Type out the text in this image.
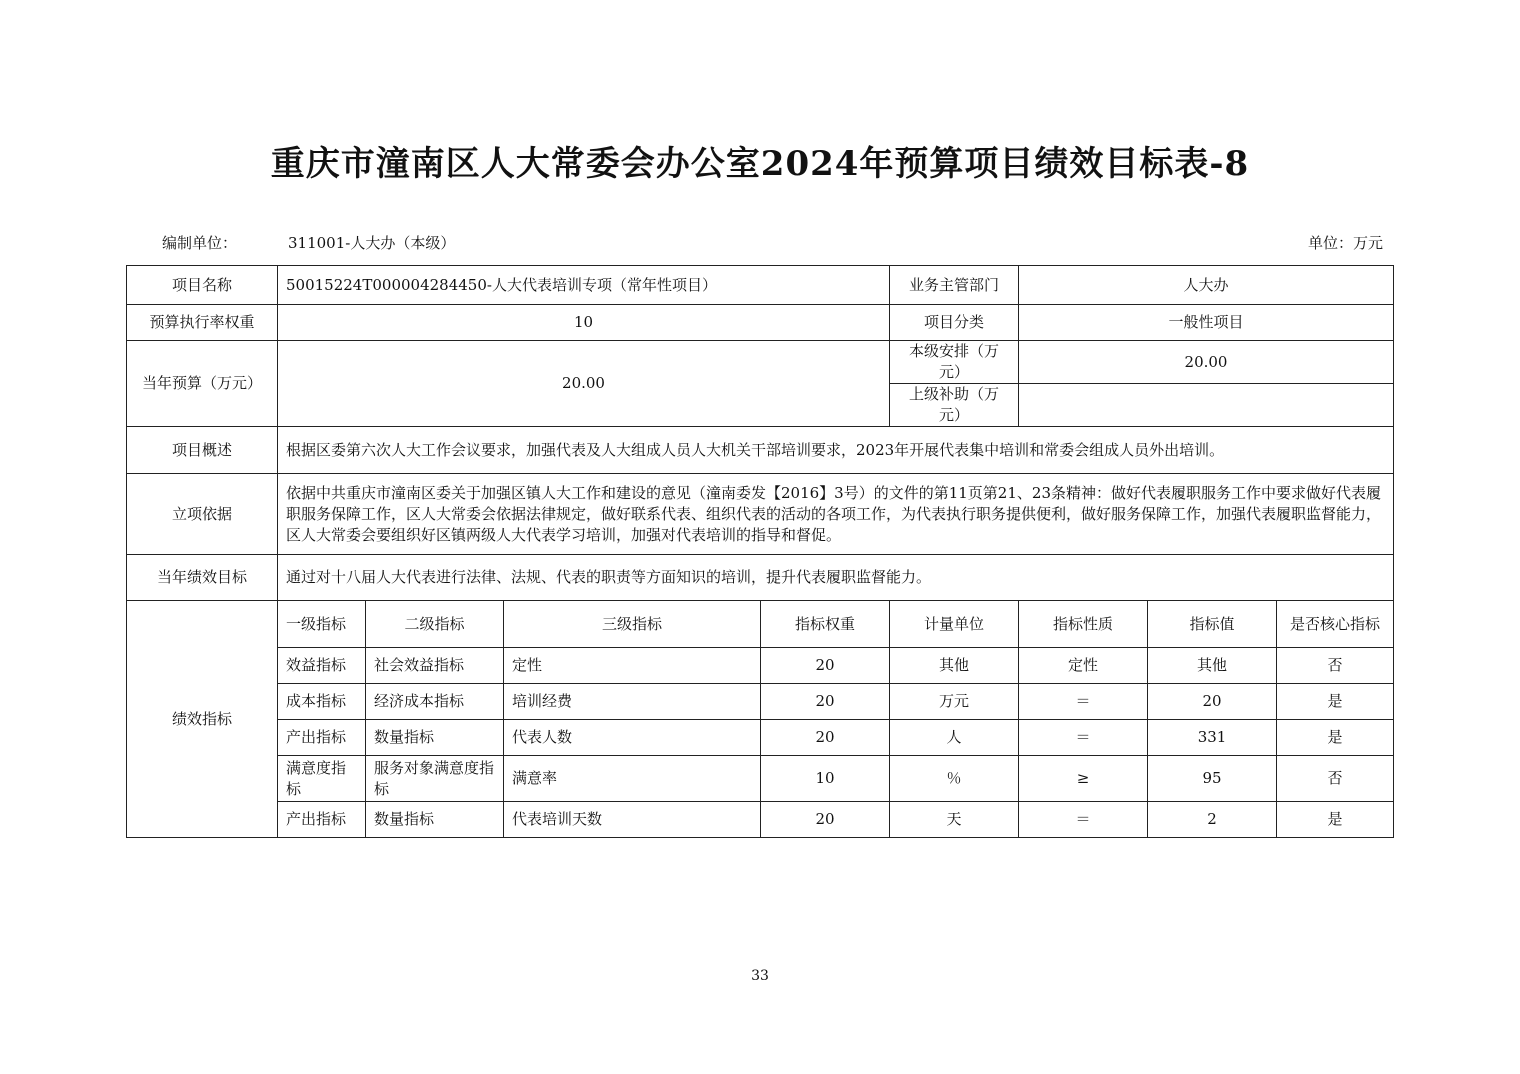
重庆市潼南区人大常委会办公室2024年预算项目绩效目标表-8
编制单位：	311001-人大办（本级）	单位：万元
项目名称	50015224T000004284450-人大代表培训专项（常年性项目）				业务主管部门	人大办		
预算执行率权重	10				项目分类	一般性项目		
当年预算（万元）	20.00				本级安排（万元）	20.00		
					上级补助（万元）			
项目概述	根据区委第六次人大工作会议要求，加强代表及人大组成人员人大机关干部培训要求，2023年开展代表集中培训和常委会组成人员外出培训。							
立项依据	依据中共重庆市潼南区委关于加强区镇人大工作和建设的意见（潼南委发【2016】3号）的文件的第11页第21、23条精神：做好代表履职服务工作中要求做好代表履职服务保障工作，区人大常委会依据法律规定，做好联系代表、组织代表的活动的各项工作，为代表执行职务提供便利，做好服务保障工作，加强代表履职监督能力，区人大常委会要组织好区镇两级人大代表学习培训，加强对代表培训的指导和督促。							
当年绩效目标	通过对十八届人大代表进行法律、法规、代表的职责等方面知识的培训，提升代表履职监督能力。							
绩效指标	一级指标	二级指标	三级指标	指标权重	计量单位	指标性质	指标值	是否核心指标
	效益指标	社会效益指标	定性	20	其他	定性	其他	否
	成本指标	经济成本指标	培训经费	20	万元	＝	20	是
	产出指标	数量指标	代表人数	20	人	＝	331	是
	满意度指标	服务对象满意度指标	满意率	10	％	≥	95	否
	产出指标	数量指标	代表培训天数	20	天	＝	2	是
33
